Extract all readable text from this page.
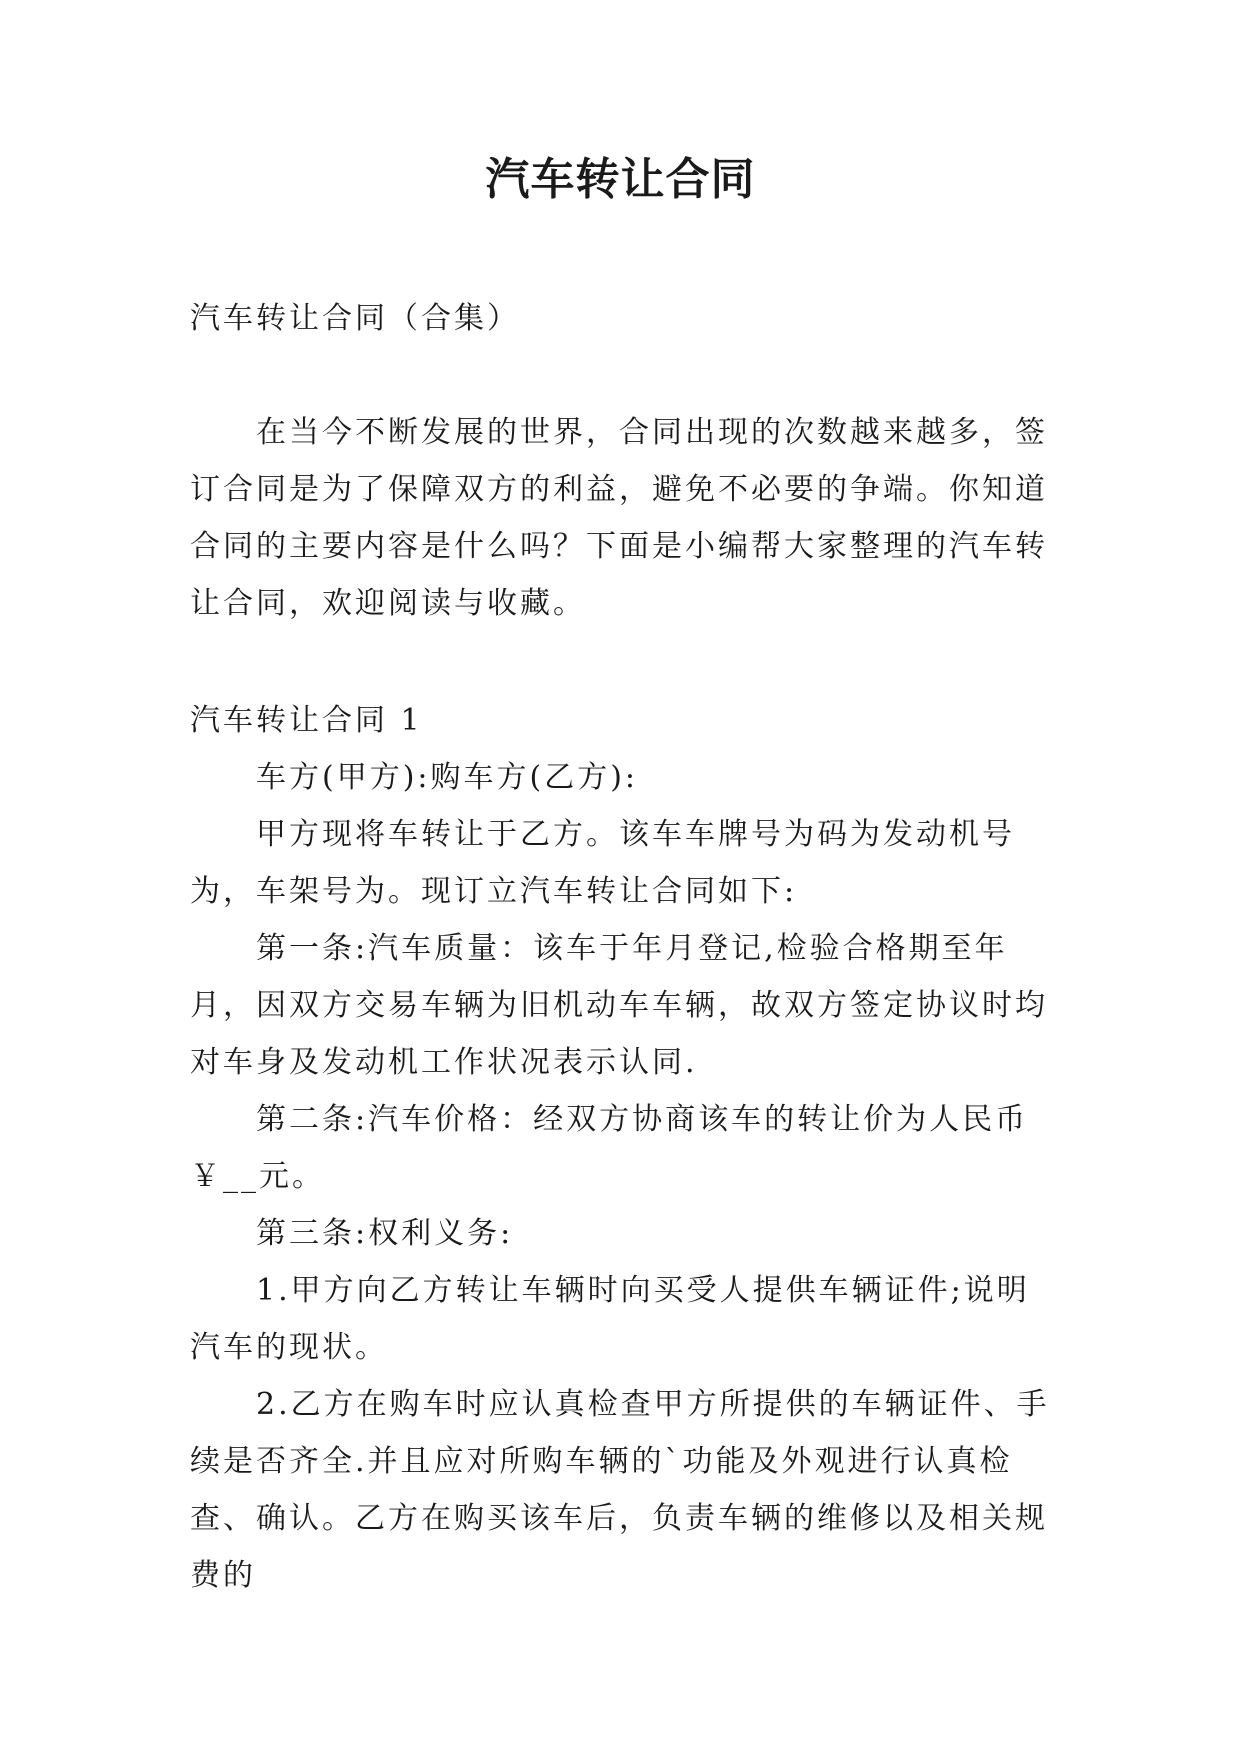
汽车转让合同

汽车转让合同（合集）

在当今不断发展的世界，合同出现的次数越来越多，签订合同是为了保障双方的利益，避免不必要的争端。你知道合同的主要内容是什么吗？下面是小编帮大家整理的汽车转让合同，欢迎阅读与收藏。

汽车转让合同 1

车方(甲方):购车方(乙方):

甲方现将车转让于乙方。该车车牌号为码为发动机号为，车架号为。现订立汽车转让合同如下:

第一条:汽车质量：该车于年月登记,检验合格期至年月，因双方交易车辆为旧机动车车辆，故双方签定协议时均对车身及发动机工作状况表示认同.

第二条:汽车价格：经双方协商该车的转让价为人民币￥__元。

第三条:权利义务:

1.甲方向乙方转让车辆时向买受人提供车辆证件;说明汽车的现状。

2.乙方在购车时应认真检查甲方所提供的车辆证件、手续是否齐全.并且应对所购车辆的`功能及外观进行认真检查、确认。乙方在购买该车后，负责车辆的维修以及相关规费的
